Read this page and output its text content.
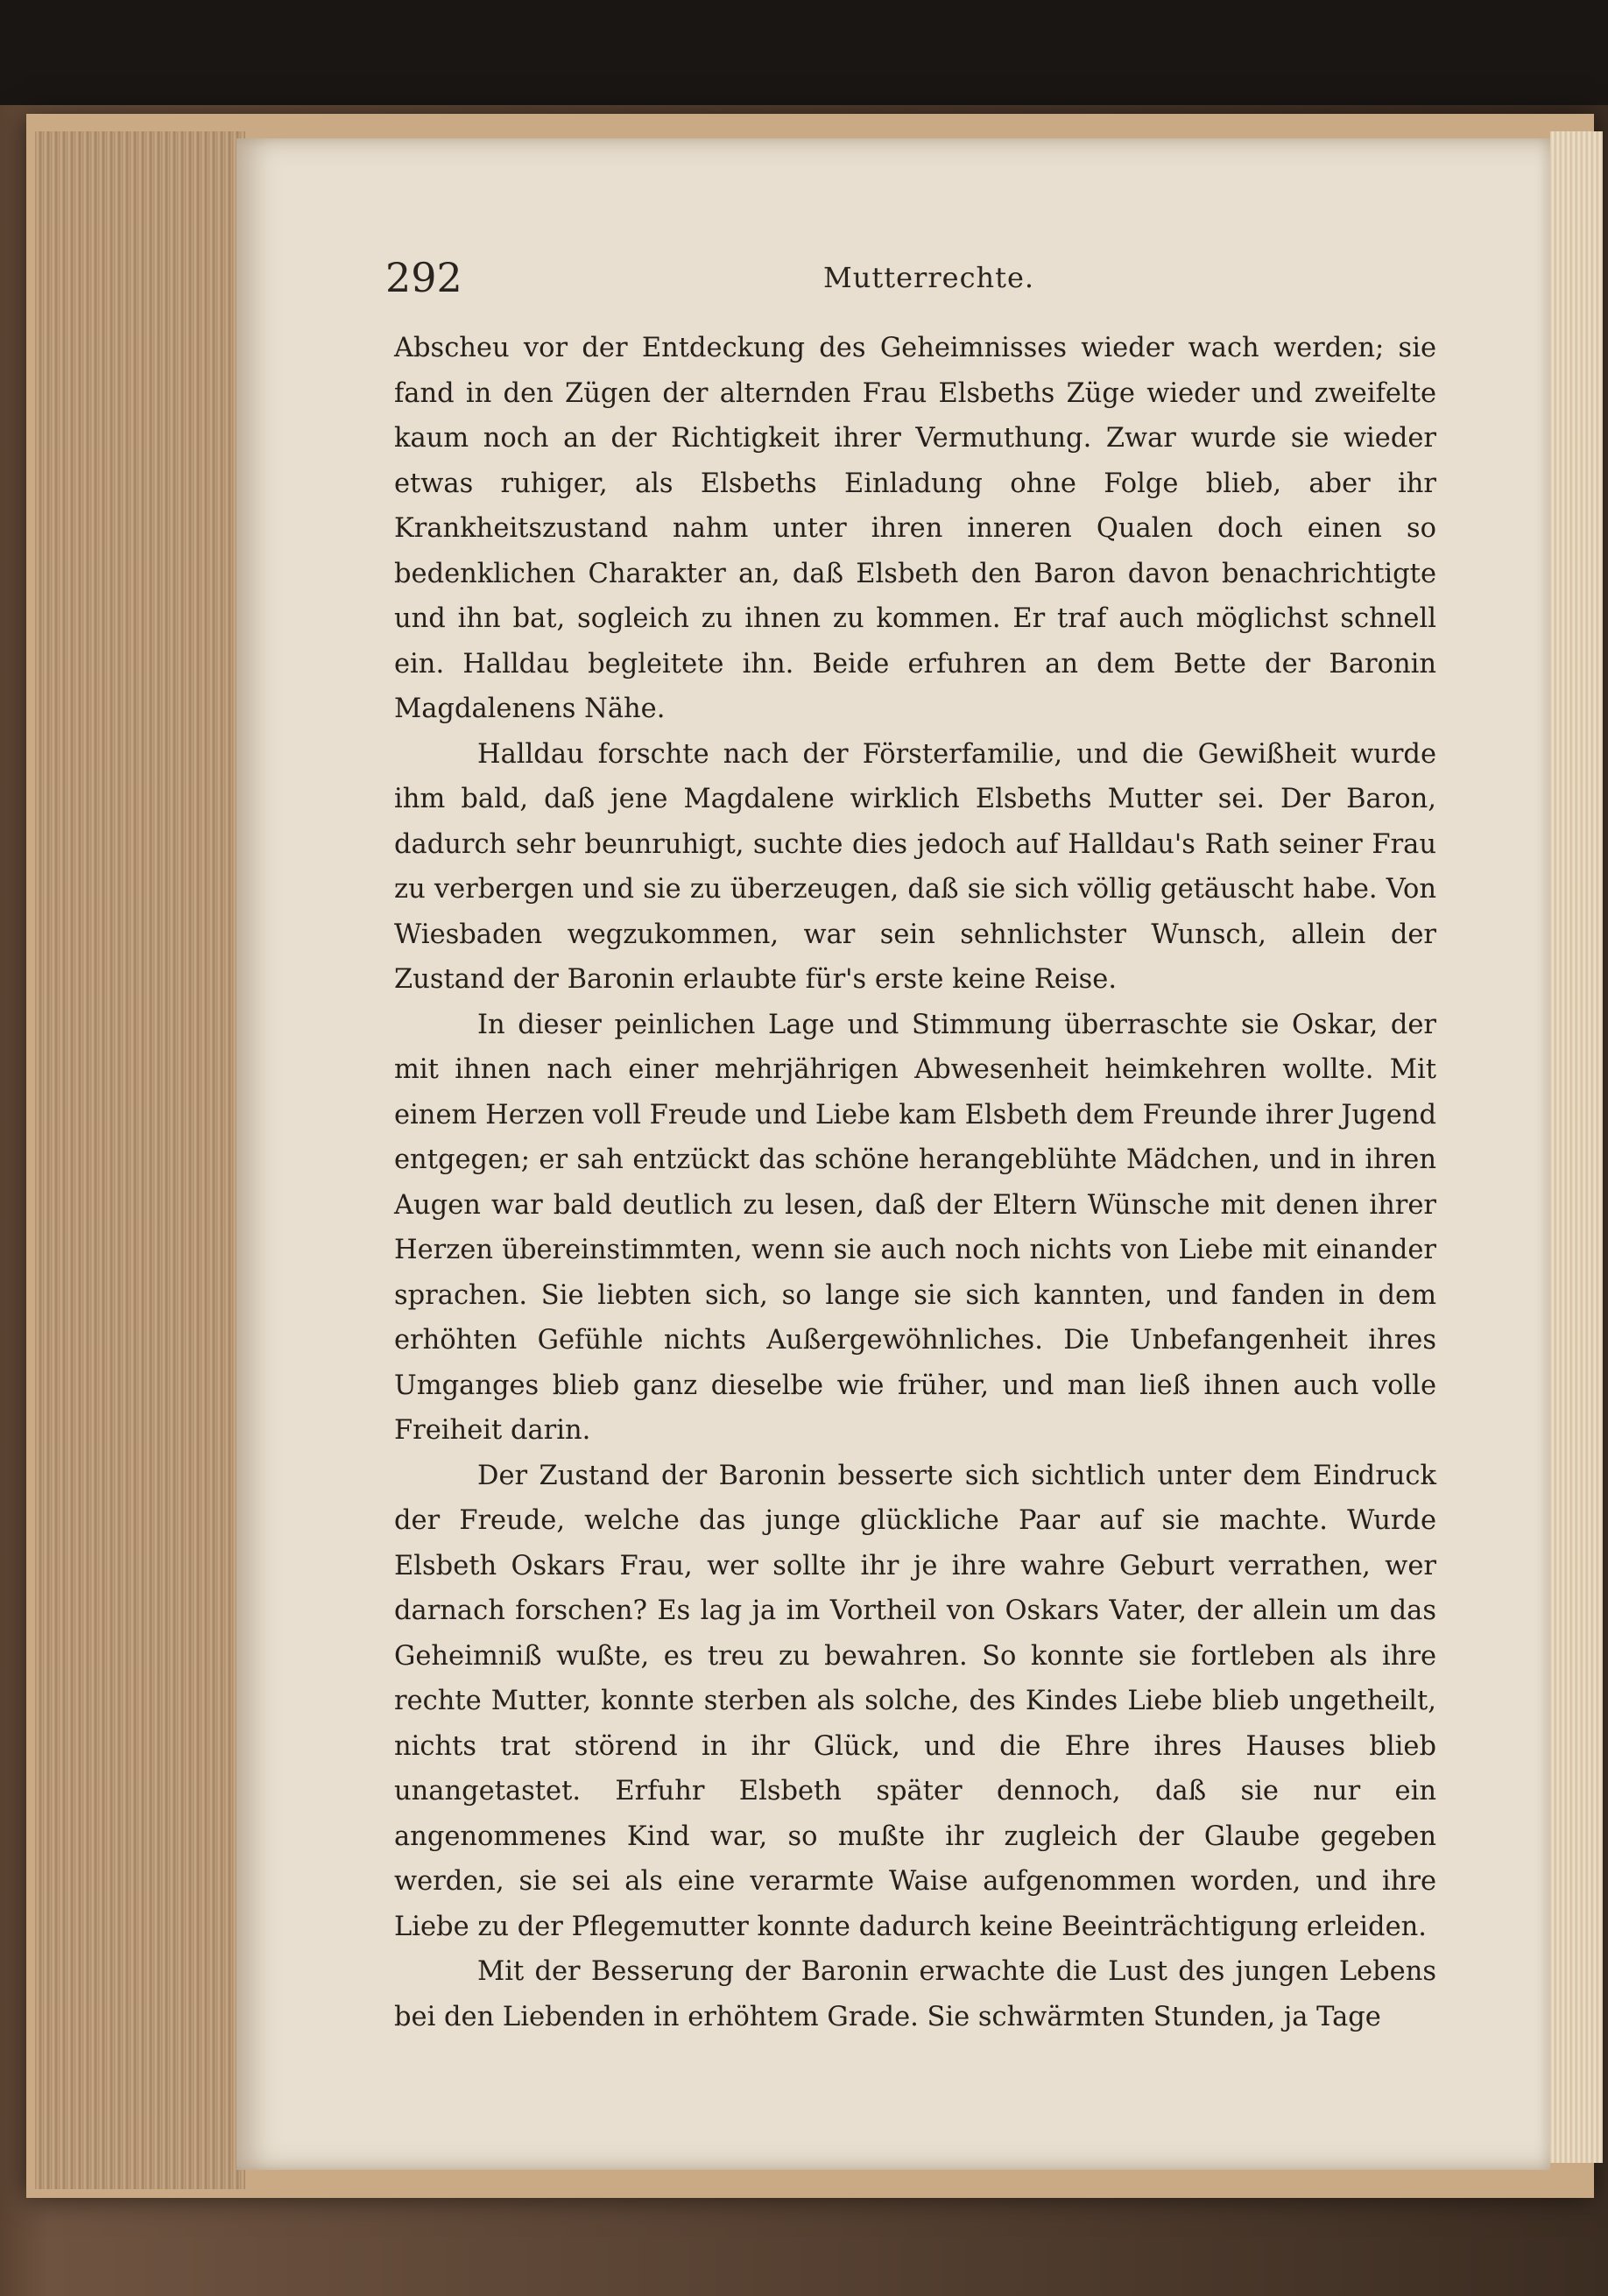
292	Mutterrechte.

Abscheu vor der Entdeckung des Geheimnisses wieder wach werden; sie fand in den Zügen der alternden Frau Elsbeths Züge wieder und zweifelte kaum noch an der Richtigkeit ihrer Vermuthung. Zwar wurde sie wieder etwas ruhiger, als Elsbeths Einladung ohne Folge blieb, aber ihr Krankheitszustand nahm unter ihren inneren Qualen doch einen so bedenklichen Charakter an, daß Elsbeth den Baron davon benachrichtigte und ihn bat, sogleich zu ihnen zu kommen. Er traf auch möglichst schnell ein. Halldau begleitete ihn. Beide erfuhren an dem Bette der Baronin Magdalenens Nähe.

Halldau forschte nach der Försterfamilie, und die Gewißheit wurde ihm bald, daß jene Magdalene wirklich Elsbeths Mutter sei. Der Baron, dadurch sehr beunruhigt, suchte dies jedoch auf Halldau's Rath seiner Frau zu verbergen und sie zu überzeugen, daß sie sich völlig getäuscht habe. Von Wiesbaden wegzukommen, war sein sehnlichster Wunsch, allein der Zustand der Baronin erlaubte für's erste keine Reise.

In dieser peinlichen Lage und Stimmung überraschte sie Oskar, der mit ihnen nach einer mehrjährigen Abwesenheit heimkehren wollte. Mit einem Herzen voll Freude und Liebe kam Elsbeth dem Freunde ihrer Jugend entgegen; er sah entzückt das schöne herangeblühte Mädchen, und in ihren Augen war bald deutlich zu lesen, daß der Eltern Wünsche mit denen ihrer Herzen übereinstimmten, wenn sie auch noch nichts von Liebe mit einander sprachen. Sie liebten sich, so lange sie sich kannten, und fanden in dem erhöhten Gefühle nichts Außergewöhnliches. Die Unbefangenheit ihres Umganges blieb ganz dieselbe wie früher, und man ließ ihnen auch volle Freiheit darin.

Der Zustand der Baronin besserte sich sichtlich unter dem Eindruck der Freude, welche das junge glückliche Paar auf sie machte. Wurde Elsbeth Oskars Frau, wer sollte ihr je ihre wahre Geburt verrathen, wer darnach forschen? Es lag ja im Vortheil von Oskars Vater, der allein um das Geheimniß wußte, es treu zu bewahren. So konnte sie fortleben als ihre rechte Mutter, konnte sterben als solche, des Kindes Liebe blieb ungetheilt, nichts trat störend in ihr Glück, und die Ehre ihres Hauses blieb unangetastet. Erfuhr Elsbeth später dennoch, daß sie nur ein angenommenes Kind war, so mußte ihr zugleich der Glaube gegeben werden, sie sei als eine verarmte Waise aufgenommen worden, und ihre Liebe zu der Pflegemutter konnte dadurch keine Beeinträchtigung erleiden.

Mit der Besserung der Baronin erwachte die Lust des jungen Lebens bei den Liebenden in erhöhtem Grade. Sie schwärmten Stunden, ja Tage
